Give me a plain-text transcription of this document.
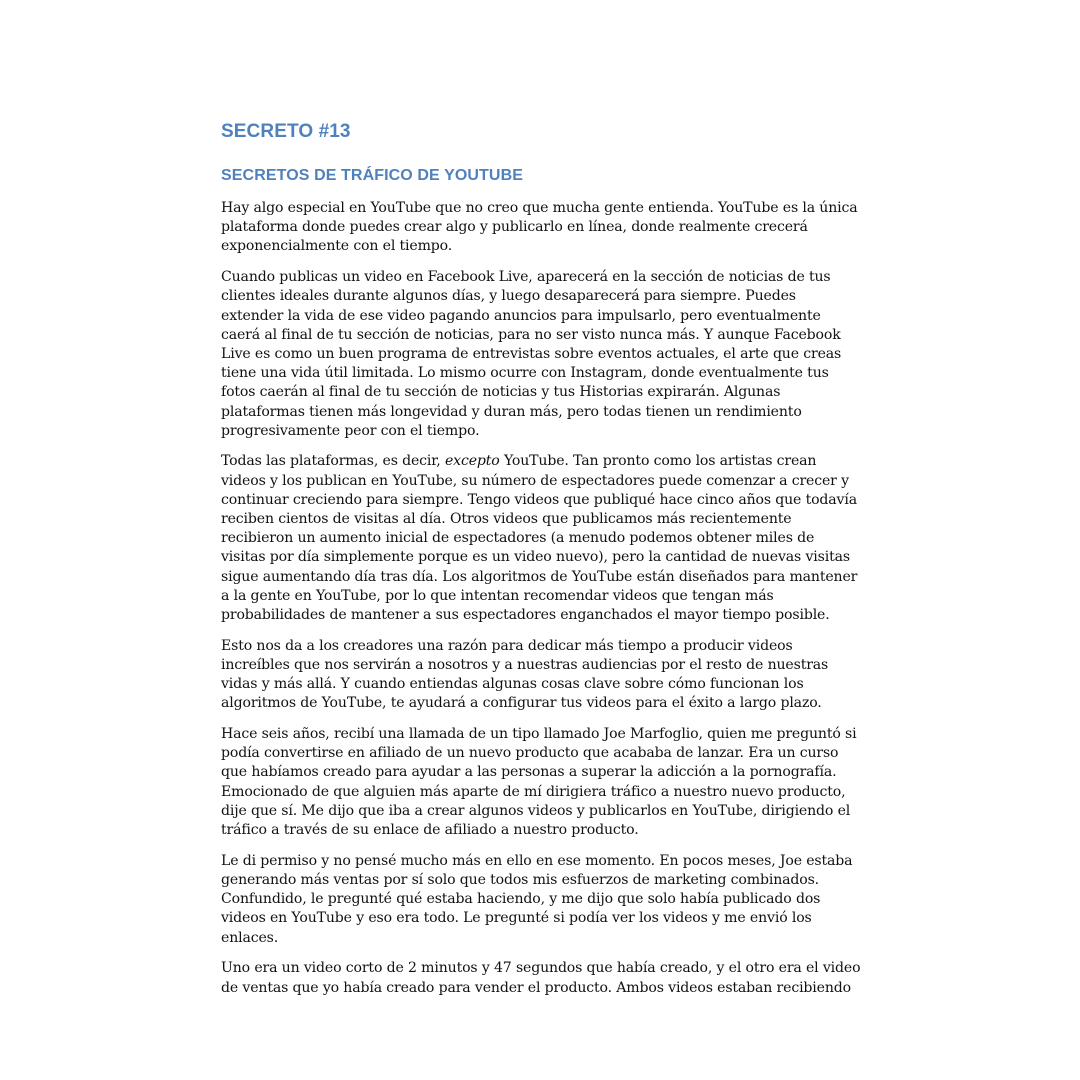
SECRETO #13
SECRETOS DE TRÁFICO DE YOUTUBE

Hay algo especial en YouTube que no creo que mucha gente entienda. YouTube es la única plataforma donde puedes crear algo y publicarlo en línea, donde realmente crecerá exponencialmente con el tiempo.

Cuando publicas un video en Facebook Live, aparecerá en la sección de noticias de tus clientes ideales durante algunos días, y luego desaparecerá para siempre. Puedes extender la vida de ese video pagando anuncios para impulsarlo, pero eventualmente caerá al final de tu sección de noticias, para no ser visto nunca más. Y aunque Facebook Live es como un buen programa de entrevistas sobre eventos actuales, el arte que creas tiene una vida útil limitada. Lo mismo ocurre con Instagram, donde eventualmente tus fotos caerán al final de tu sección de noticias y tus Historias expirarán. Algunas plataformas tienen más longevidad y duran más, pero todas tienen un rendimiento progresivamente peor con el tiempo.

Todas las plataformas, es decir, excepto YouTube. Tan pronto como los artistas crean videos y los publican en YouTube, su número de espectadores puede comenzar a crecer y continuar creciendo para siempre. Tengo videos que publiqué hace cinco años que todavía reciben cientos de visitas al día. Otros videos que publicamos más recientemente recibieron un aumento inicial de espectadores (a menudo podemos obtener miles de visitas por día simplemente porque es un video nuevo), pero la cantidad de nuevas visitas sigue aumentando día tras día. Los algoritmos de YouTube están diseñados para mantener a la gente en YouTube, por lo que intentan recomendar videos que tengan más probabilidades de mantener a sus espectadores enganchados el mayor tiempo posible.

Esto nos da a los creadores una razón para dedicar más tiempo a producir videos increíbles que nos servirán a nosotros y a nuestras audiencias por el resto de nuestras vidas y más allá. Y cuando entiendas algunas cosas clave sobre cómo funcionan los algoritmos de YouTube, te ayudará a configurar tus videos para el éxito a largo plazo.

Hace seis años, recibí una llamada de un tipo llamado Joe Marfoglio, quien me preguntó si podía convertirse en afiliado de un nuevo producto que acababa de lanzar. Era un curso que habíamos creado para ayudar a las personas a superar la adicción a la pornografía. Emocionado de que alguien más aparte de mí dirigiera tráfico a nuestro nuevo producto, dije que sí. Me dijo que iba a crear algunos videos y publicarlos en YouTube, dirigiendo el tráfico a través de su enlace de afiliado a nuestro producto.

Le di permiso y no pensé mucho más en ello en ese momento. En pocos meses, Joe estaba generando más ventas por sí solo que todos mis esfuerzos de marketing combinados. Confundido, le pregunté qué estaba haciendo, y me dijo que solo había publicado dos videos en YouTube y eso era todo. Le pregunté si podía ver los videos y me envió los enlaces.

Uno era un video corto de 2 minutos y 47 segundos que había creado, y el otro era el video de ventas que yo había creado para vender el producto. Ambos videos estaban recibiendo
